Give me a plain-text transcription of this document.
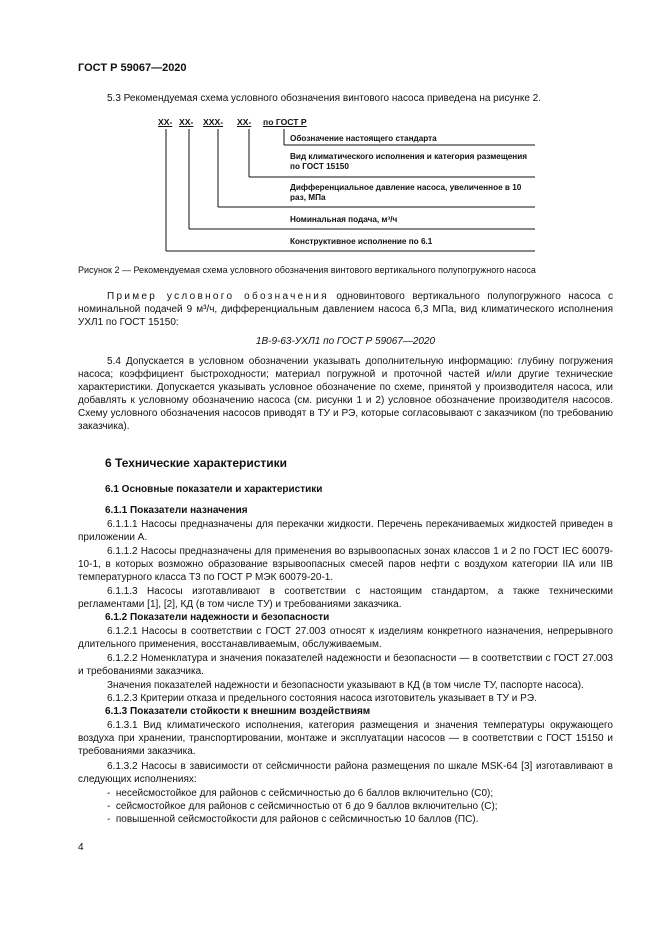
ГОСТ Р 59067—2020
5.3 Рекомендуемая схема условного обозначения винтового насоса приведена на рисунке 2.
ХХ- ХХ- ХХХ- ХХ- по ГОСТ Р
Обозначение настоящего стандарта
Вид климатического исполнения и категория размещения по ГОСТ 15150
Дифференциальное давление насоса, увеличенное в 10 раз, МПа
Номинальная подача, м³/ч
Конструктивное исполнение по 6.1
Рисунок 2 — Рекомендуемая схема условного обозначения винтового вертикального полупогружного насоса
Пример условного обозначения одновинтового вертикального полупогружного насоса с номинальной подачей 9 м³/ч, дифференциальным давлением насоса 6,3 МПа, вид климатического исполнения УХЛ1 по ГОСТ 15150:
1В-9-63-УХЛ1 по ГОСТ Р 59067—2020
5.4 Допускается в условном обозначении указывать дополнительную информацию: глубину погружения насоса; коэффициент быстроходности; материал погружной и проточной частей и/или другие технические характеристики. Допускается указывать условное обозначение по схеме, принятой у производителя насоса, или добавлять к условному обозначению насоса (см. рисунки 1 и 2) условное обозначение производителя насосов. Схему условного обозначения насосов приводят в ТУ и РЭ, которые согласовывают с заказчиком (по требованию заказчика).
6 Технические характеристики
6.1 Основные показатели и характеристики
6.1.1 Показатели назначения
6.1.1.1 Насосы предназначены для перекачки жидкости. Перечень перекачиваемых жидкостей приведен в приложении А.
6.1.1.2 Насосы предназначены для применения во взрывоопасных зонах классов 1 и 2 по ГОСТ IEC 60079-10-1, в которых возможно образование взрывоопасных смесей паров нефти с воздухом категории IIA или IIB температурного класса Т3 по ГОСТ Р МЭК 60079-20-1.
6.1.1.3 Насосы изготавливают в соответствии с настоящим стандартом, а также техническими регламентами [1], [2], КД (в том числе ТУ) и требованиями заказчика.
6.1.2 Показатели надежности и безопасности
6.1.2.1 Насосы в соответствии с ГОСТ 27.003 относят к изделиям конкретного назначения, непрерывного длительного применения, восстанавливаемым, обслуживаемым.
6.1.2.2 Номенклатура и значения показателей надежности и безопасности — в соответствии с ГОСТ 27.003 и требованиями заказчика.
Значения показателей надежности и безопасности указывают в КД (в том числе ТУ, паспорте насоса).
6.1.2.3 Критерии отказа и предельного состояния насоса изготовитель указывает в ТУ и РЭ.
6.1.3 Показатели стойкости к внешним воздействиям
6.1.3.1 Вид климатического исполнения, категория размещения и значения температуры окружающего воздуха при хранении, транспортировании, монтаже и эксплуатации насосов — в соответствии с ГОСТ 15150 и требованиями заказчика.
6.1.3.2 Насосы в зависимости от сейсмичности района размещения по шкале MSK-64 [3] изготавливают в следующих исполнениях:
-  несейсмостойкое для районов с сейсмичностью до 6 баллов включительно (С0);
-  сейсмостойкое для районов с сейсмичностью от 6 до 9 баллов включительно (С);
-  повышенной сейсмостойкости для районов с сейсмичностью 10 баллов (ПС).
4
